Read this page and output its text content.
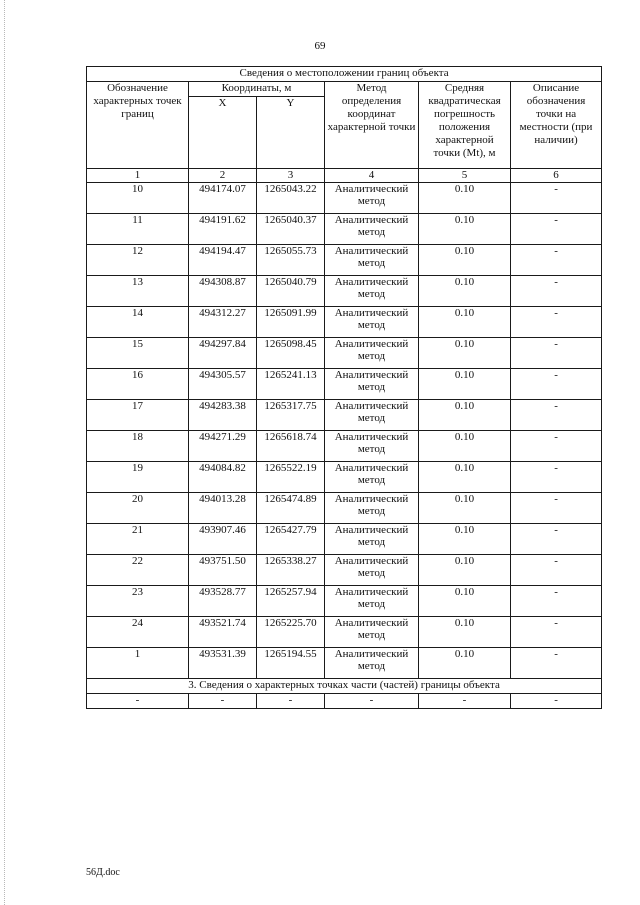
69
Сведения о местоположении границ объекта					
Обозначение характерных точек границ	Координаты, м		Метод определения координат характерной точки	Средняя квадратическая погрешность положения характерной точки (Mt), м	Описание обозначения точки на местности (при наличии)
	X	Y			
1	2	3	4	5	6
10	494174.07	1265043.22	Аналитический метод	0.10	-
11	494191.62	1265040.37	Аналитический метод	0.10	-
12	494194.47	1265055.73	Аналитический метод	0.10	-
13	494308.87	1265040.79	Аналитический метод	0.10	-
14	494312.27	1265091.99	Аналитический метод	0.10	-
15	494297.84	1265098.45	Аналитический метод	0.10	-
16	494305.57	1265241.13	Аналитический метод	0.10	-
17	494283.38	1265317.75	Аналитический метод	0.10	-
18	494271.29	1265618.74	Аналитический метод	0.10	-
19	494084.82	1265522.19	Аналитический метод	0.10	-
20	494013.28	1265474.89	Аналитический метод	0.10	-
21	493907.46	1265427.79	Аналитический метод	0.10	-
22	493751.50	1265338.27	Аналитический метод	0.10	-
23	493528.77	1265257.94	Аналитический метод	0.10	-
24	493521.74	1265225.70	Аналитический метод	0.10	-
1	493531.39	1265194.55	Аналитический метод	0.10	-
3. Сведения о характерных точках части (частей) границы объекта					
-	-	-	-	-	-
56Д.doc
